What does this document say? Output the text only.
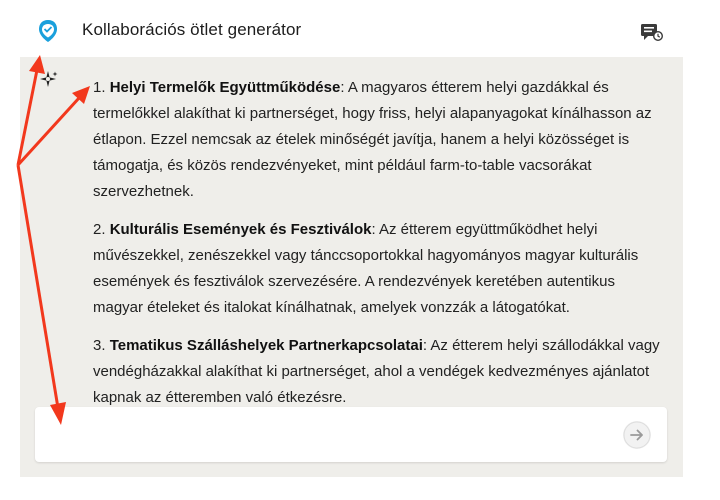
Kollaborációs ötlet generátor

1. Helyi Termelők Együttműködése: A magyaros étterem helyi gazdákkal és termelőkkel alakíthat ki partnerséget, hogy friss, helyi alapanyagokat kínálhasson az étlapon. Ezzel nemcsak az ételek minőségét javítja, hanem a helyi közösséget is támogatja, és közös rendezvényeket, mint például farm-to-table vacsorákat szervezhetnek.

2. Kulturális Események és Fesztiválok: Az étterem együttműködhet helyi művészekkel, zenészekkel vagy tánccsoportokkal hagyományos magyar kulturális események és fesztiválok szervezésére. A rendezvények keretében autentikus magyar ételeket és italokat kínálhatnak, amelyek vonzzák a látogatókat.

3. Tematikus Szálláshelyek Partnerkapcsolatai: Az étterem helyi szállodákkal vagy vendégházakkal alakíthat ki partnerséget, ahol a vendégek kedvezményes ajánlatot kapnak az étteremben való étkezésre.
